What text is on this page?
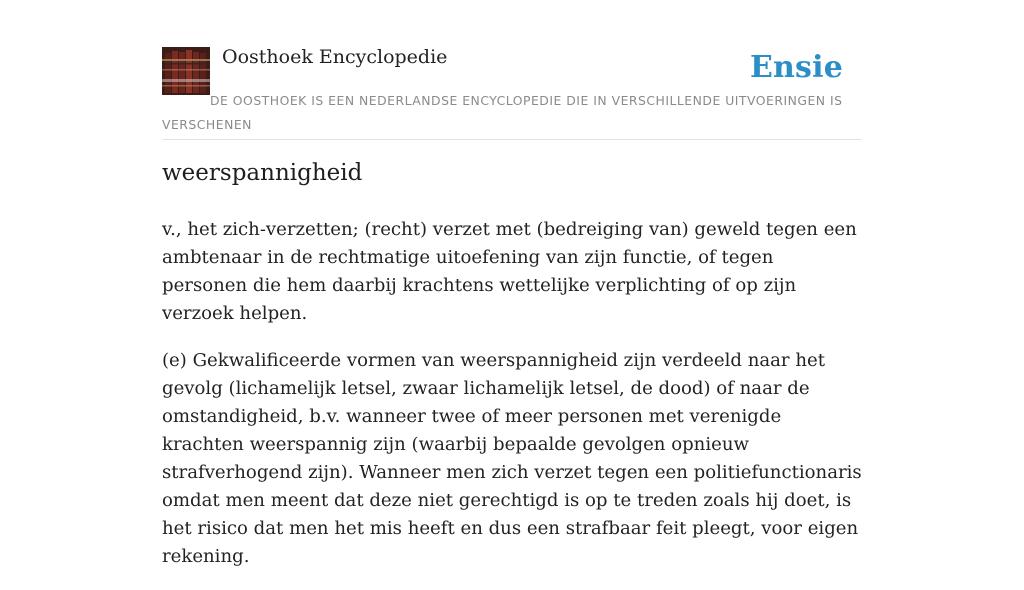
Oosthoek Encyclopedie	Ensie
DE OOSTHOEK IS EEN NEDERLANDSE ENCYCLOPEDIE DIE IN VERSCHILLENDE UITVOERINGEN IS VERSCHENEN
weerspannigheid

v., het zich-verzetten; (recht) verzet met (bedreiging van) geweld tegen een ambtenaar in de rechtmatige uitoefening van zijn functie, of tegen personen die hem daarbij krachtens wettelijke verplichting of op zijn verzoek helpen.

(e) Gekwalificeerde vormen van weerspannigheid zijn verdeeld naar het gevolg (lichamelijk letsel, zwaar lichamelijk letsel, de dood) of naar de omstandigheid, b.v. wanneer twee of meer personen met verenigde krachten weerspannig zijn (waarbij bepaalde gevolgen opnieuw strafverhogend zijn). Wanneer men zich verzet tegen een politiefunctionaris omdat men meent dat deze niet gerechtigd is op te treden zoals hij doet, is het risico dat men het mis heeft en dus een strafbaar feit pleegt, voor eigen rekening.
